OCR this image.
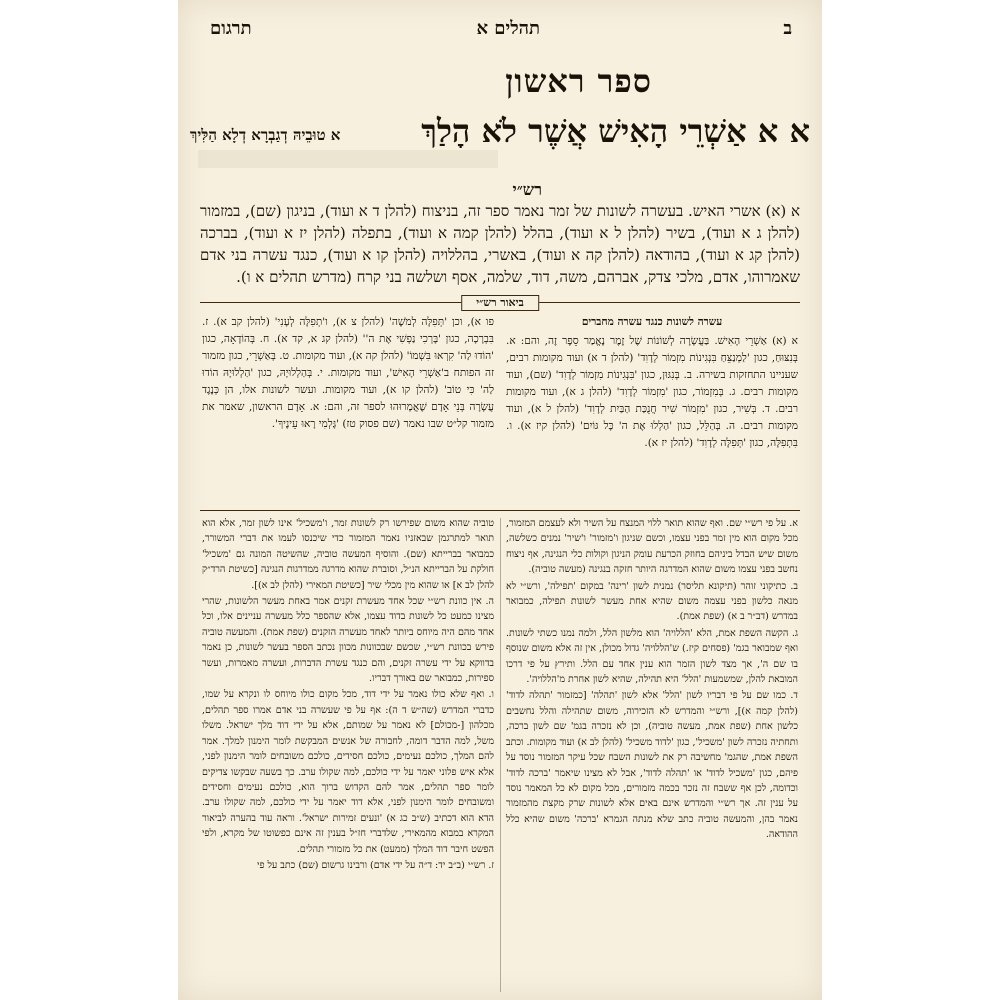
ב
תהלים א
תרגום
ספר ראשון
א א אַשְׁרֵי הָאִישׁ אֲשֶׁר לֹא הָלַךְ
א טוּבֵיהּ דְגַבְרָא דְלָא הַלִּיךְ
רש״י

א (א) אשרי האיש. בעשרה לשונות של זמר נאמר ספר זה, בניצוח (להלן ד א ועוד), בניגון (שם), במזמור (להלן ג א ועוד), בשיר (להלן ל א ועוד), בהלל (להלן קמה א ועוד), בתפלה (להלן יז א ועוד), בברכה (להלן קג א ועוד), בהודאה (להלן קה א ועוד), באשרי, בהללויה (להלן קו א ועוד), כנגד עשרה בני אדם שאמרוהו, אדם, מלכי צדק, אברהם, משה, דוד, שלמה, אסף ושלשה בני קרח (מדרש תהלים א ו).

ביאור רש״י
עשרה לשונות כנגד עשרה מחברים

א (א) אַשְׁרֵי הָאִישׁ. בַּעֲשָׂרָה לְשׁוֹנוֹת שֶׁל זֶמֶר נֶאֱמַר סֵפֶר זֶה, והם: א. בְּנִצּוּחַ, כגון 'לַמְנַצֵּחַ בִּנְגִינוֹת מִזְמוֹר לְדָוִד' (להלן ד א) ועוד מקומות רבים, שעניינו התחזקות בשירה. ב. בְּנִגּוּן, כגון 'בִּנְגִינוֹת מִזְמוֹר לְדָוִד' (שם), ועוד מקומות רבים. ג. בְּמִזְמוֹר, כגון 'מִזְמוֹר לְדָוִד' (להלן ג א), ועוד מקומות רבים. ד. בְּשִׁיר, כגון 'מִזְמוֹר שִׁיר חֲנֻכַּת הַבַּיִת לְדָוִד' (להלן ל א), ועוד מקומות רבים. ה. בְּהַלֵּל, כגון 'הַלְלוּ אֶת ה' כָּל גּוֹיִם' (להלן קיז א). ו. בִּתְפִלָּה, כגון 'תְּפִלָּה לְדָוִד' (להלן יז א).

פו א), וכן 'תְּפִלָּה לְמֹשֶׁה' (להלן צ א), ו'תְפִלָּה לְעָנִי' (להלן קב א). ז. בִּבְרָכָה, כגון 'בָּרְכִי נַפְשִׁי אֶת ה'' (להלן קג א, קד א). ח. בְּהוֹדָאָה, כגון 'הוֹדוּ לַה' קִרְאוּ בִּשְׁמוֹ' (להלן קה א), ועוד מקומות. ט. בְּאַשְׁרֵי, כגון מזמור זה הפותח ב'אַשְׁרֵי הָאִישׁ', ועוד מקומות. י. בְּהַלְלוּיָהּ, כגון 'הַלְלוּיָהּ הוֹדוּ לַה' כִּי טוֹב' (להלן קו א), ועוד מקומות. ועשר לשונות אלו, הן כְּנֶגֶד עֲשָׂרָה בְּנֵי אָדָם שֶׁאֲמָרוּהוּ לספר זה, והם: א. אָדָם הראשון, שאמר את מזמור קל״ט שבו נאמר (שם פסוק טז) 'גָּלְמִי רָאוּ עֵינֶיךָ'.

א. על פי רש״י שם. ואף שהוא תואר ללוי המנצח על השיר ולא לעצמם המזמור, מכל מקום הוא מין זמר בפני עצמו, וכשם שניגון ו'מזמור' ו'שיר' נמנים כשלשה, משום שיש הבדל ביניהם בחוזק הכרעת עומק הניגון וקולות כלי הנגינה, אף ניצוח נחשב בפני עצמו משום שהוא המדרגה היותר חזקה בנגינה (מעשה טוביה).

ב. כתיקוני זוהר (תיקונא תליסר) נמנית לשון 'רינה' במקום 'תפילה', ורש״י לא מנאה כלשון בפני עצמה משום שהיא אחת מעשר לשונות תפילה, כמבואר במדרש (דב״ר ב א) (שפת אמת).

ג. הקשה השפת אמת, הלא 'הללויה' הוא מלשון הלל, ולמה נמנו כשתי לשונות. ואף שמבואר בגמ' (פסחים קיז.) ש'הללויה' גדול מכולן, אין זה אלא משום שנוסף בו שם ה', אך מצד לשון הזמר הוא ענין אחד עם הלל. ותירץ על פי דרכו המובאת להלן, שמשמעות 'הלל' היא תהילה, שהיא לשון אחרת מ'הללויה'.

ד. כמו שם על פי דבריו לשון 'הלל' אלא לשון 'תהלה' [כמזמור 'תהלה לדוד' (להלן קמה א)], ורש״י והמדרש לא הזכירוה, משום שתהילה והלל נחשבים כלשון אחת (שפת אמת, מעשה טוביה), וכן לא נזכרה בגמ' שם לשון ברכה, ותחתיה נזכרה לשון 'משכיל', כגון 'לדוד משכיל' (להלן לב א) ועוד מקומות. וכתב השפת אמת, שהגמ' מחשיבה רק את לשונות השבח שכל עיקר המזמור נוסד על פיהם, כגון 'משכיל לדוד' או 'תהלה לדוד', אבל לא מצינו שיאמר 'ברכה לדוד' וכדומה, לכן אף ששבח זה נזכר בכמה מזמורים, מכל מקום לא כל המאמר נוסד על ענין זה. אך רש״י והמדרש אינם באים אלא לשונות שרק מקצת מהמזמור נאמר בהן, והמעשה טוביה כתב שלא מנתה הגמרא 'ברכה' משום שהיא כלל ההודאה.

טוביה שהוא משום שפירשו רק לשונות זמר, ו'משכיל' אינו לשון זמר, אלא הוא תואר למתרגמן שבאזניו נאמר המזמור כדי שיכנסו לעמו את דברי המשורר, כמבואר בברייתא (שם). והוסיף המעשה טוביה, שהשיטה המונה גם 'משכיל' חולקת על הברייתא הנ״ל, וסוברת שהוא מדרגה ממדרגות הנגינה [כשיטת הרד״ק להלן לב א] או שהוא מין מכלי שיר [כשיטת המאירי (להלן לב א)].

ה. אין כוונת רש״י שכל אחד מעשרת זקנים אמר באחת מעשר הלשונות, שהרי מצינו כמעט כל לשונות בדוד עצמו, אלא שהספר כלל מעשרה עניינים אלו, וכל אחד מהם היה מיוחס ביותר לאחד מעשרה הזקנים (שפת אמת). והמעשה טוביה פירש בכוונת רש״י, שכשם שבכוונות מכוון נכתב הספר בעשר לשונות, כן נאמר בדווקא על ידי עשרה זקנים, והם כנגד עשרת הדברות, ועשרה מאמרות, ועשר ספירות, כמבואר שם באורך דבריו.

ו. ואף שלא כולו נאמר על ידי דוד, מכל מקום כולו מיוחס לו ונקרא על שמו, כדברי המדרש (שה״ש ד ה): אף על פי שעשרה בני אדם אמרו ספר תהלים, מכלהון [-מכולם] לא נאמר על שמותם, אלא על ידי דוד מלך ישראל. משלו משל, למה הדבר דומה, לחבורה של אנשים המבקשת לומר הימנון למלך. אמר להם המלך, כולכם נעימים, כולכם חסידים, כולכם משובחים לומר הימנון לפני, אלא איש פלוני יאמר על ידי כולכם, למה שקולו ערב. כך בשעה שבקשו צדיקים לומר ספר תהלים, אמר להם הקדוש ברוך הוא, כולכם נעימים וחסידים ומשובחים לומר הימנון לפני, אלא דוד יאמר על ידי כולכם, למה שקולו ערב. הדא הוא דכתיב (ש״ב כג א) 'ונעים זמירות ישראל'. וראה עוד בהערה לביאור המקרא במבוא מהמאירי, שלדברי חז״ל בענין זה אינם כפשוטו של מקרא, ולפי הפשט חיבר דוד המלך (ממעט) את כל מזמורי תהלים.

ז. רש״י (ב״ב יד: ד״ה על ידי אדם) ורבינו גרשום (שם) כתב על פי
